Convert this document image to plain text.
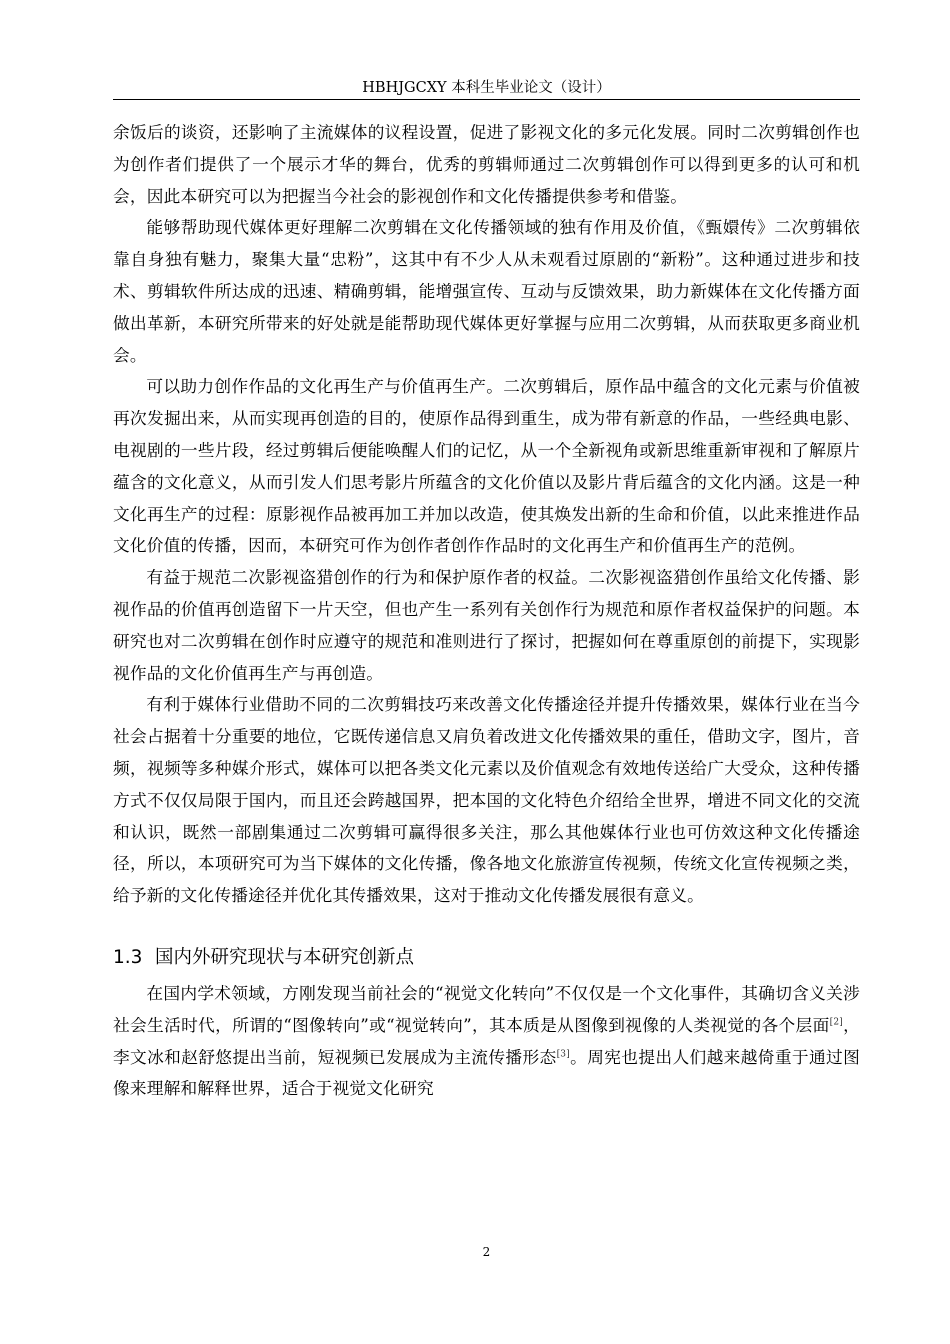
HBHJGCXY 本科生毕业论文（设计）

余饭后的谈资，还影响了主流媒体的议程设置，促进了影视文化的多元化发展。同时二次剪辑创作也为创作者们提供了一个展示才华的舞台，优秀的剪辑师通过二次剪辑创作可以得到更多的认可和机会，因此本研究可以为把握当今社会的影视创作和文化传播提供参考和借鉴。

能够帮助现代媒体更好理解二次剪辑在文化传播领域的独有作用及价值，《甄嬛传》二次剪辑依靠自身独有魅力，聚集大量“忠粉”，这其中有不少人从未观看过原剧的“新粉”。这种通过进步和技术、剪辑软件所达成的迅速、精确剪辑，能增强宣传、互动与反馈效果，助力新媒体在文化传播方面做出革新，本研究所带来的好处就是能帮助现代媒体更好掌握与应用二次剪辑，从而获取更多商业机会。

可以助力创作作品的文化再生产与价值再生产。二次剪辑后，原作品中蕴含的文化元素与价值被再次发掘出来，从而实现再创造的目的，使原作品得到重生，成为带有新意的作品，一些经典电影、电视剧的一些片段，经过剪辑后便能唤醒人们的记忆，从一个全新视角或新思维重新审视和了解原片蕴含的文化意义，从而引发人们思考影片所蕴含的文化价值以及影片背后蕴含的文化内涵。这是一种文化再生产的过程：原影视作品被再加工并加以改造，使其焕发出新的生命和价值，以此来推进作品文化价值的传播，因而，本研究可作为创作者创作作品时的文化再生产和价值再生产的范例。

有益于规范二次影视盗猎创作的行为和保护原作者的权益。二次影视盗猎创作虽给文化传播、影视作品的价值再创造留下一片天空，但也产生一系列有关创作行为规范和原作者权益保护的问题。本研究也对二次剪辑在创作时应遵守的规范和准则进行了探讨，把握如何在尊重原创的前提下，实现影视作品的文化价值再生产与再创造。

有利于媒体行业借助不同的二次剪辑技巧来改善文化传播途径并提升传播效果，媒体行业在当今社会占据着十分重要的地位，它既传递信息又肩负着改进文化传播效果的重任，借助文字，图片，音频，视频等多种媒介形式，媒体可以把各类文化元素以及价值观念有效地传送给广大受众，这种传播方式不仅仅局限于国内，而且还会跨越国界，把本国的文化特色介绍给全世界，增进不同文化的交流和认识，既然一部剧集通过二次剪辑可赢得很多关注，那么其他媒体行业也可仿效这种文化传播途径，所以，本项研究可为当下媒体的文化传播，像各地文化旅游宣传视频，传统文化宣传视频之类，给予新的文化传播途径并优化其传播效果，这对于推动文化传播发展很有意义。

1.3 国内外研究现状与本研究创新点

在国内学术领域，方刚发现当前社会的“视觉文化转向”不仅仅是一个文化事件，其确切含义关涉社会生活时代，所谓的“图像转向”或“视觉转向”，其本质是从图像到视像的人类视觉的各个层面[2]，李文冰和赵舒悠提出当前，短视频已发展成为主流传播形态[3]。周宪也提出人们越来越倚重于通过图像来理解和解释世界，适合于视觉文化研究

2
